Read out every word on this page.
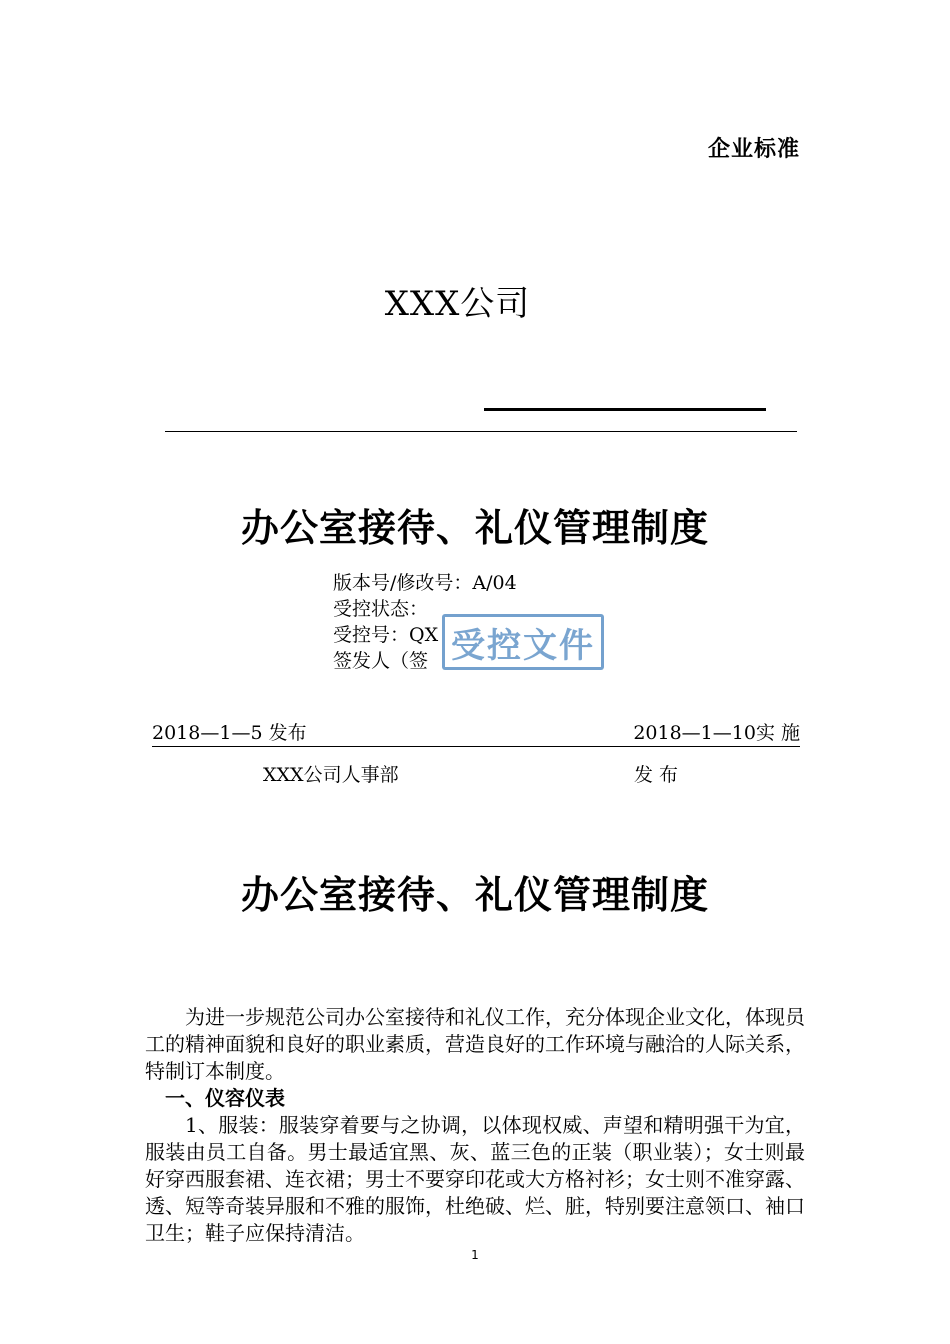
企业标准
XXX公司
办公室接待、礼仪管理制度
版本号/修改号：A/04
受控状态：
受控号：QX
签发人（签 受控文件
2018—1—5 发布	2018—1—10实 施
XXX公司人事部	发 布
办公室接待、礼仪管理制度

为进一步规范公司办公室接待和礼仪工作，充分体现企业文化，体现员工的精神面貌和良好的职业素质，营造良好的工作环境与融洽的人际关系，特制订本制度。

一、仪容仪表

1、服装：服装穿着要与之协调，以体现权威、声望和精明强干为宜，服装由员工自备。男士最适宜黑、灰、蓝三色的正装（职业装）；女士则最好穿西服套裙、连衣裙；男士不要穿印花或大方格衬衫；女士则不准穿露、透、短等奇装异服和不雅的服饰，杜绝破、烂、脏，特别要注意领口、袖口卫生；鞋子应保持清洁。

1
